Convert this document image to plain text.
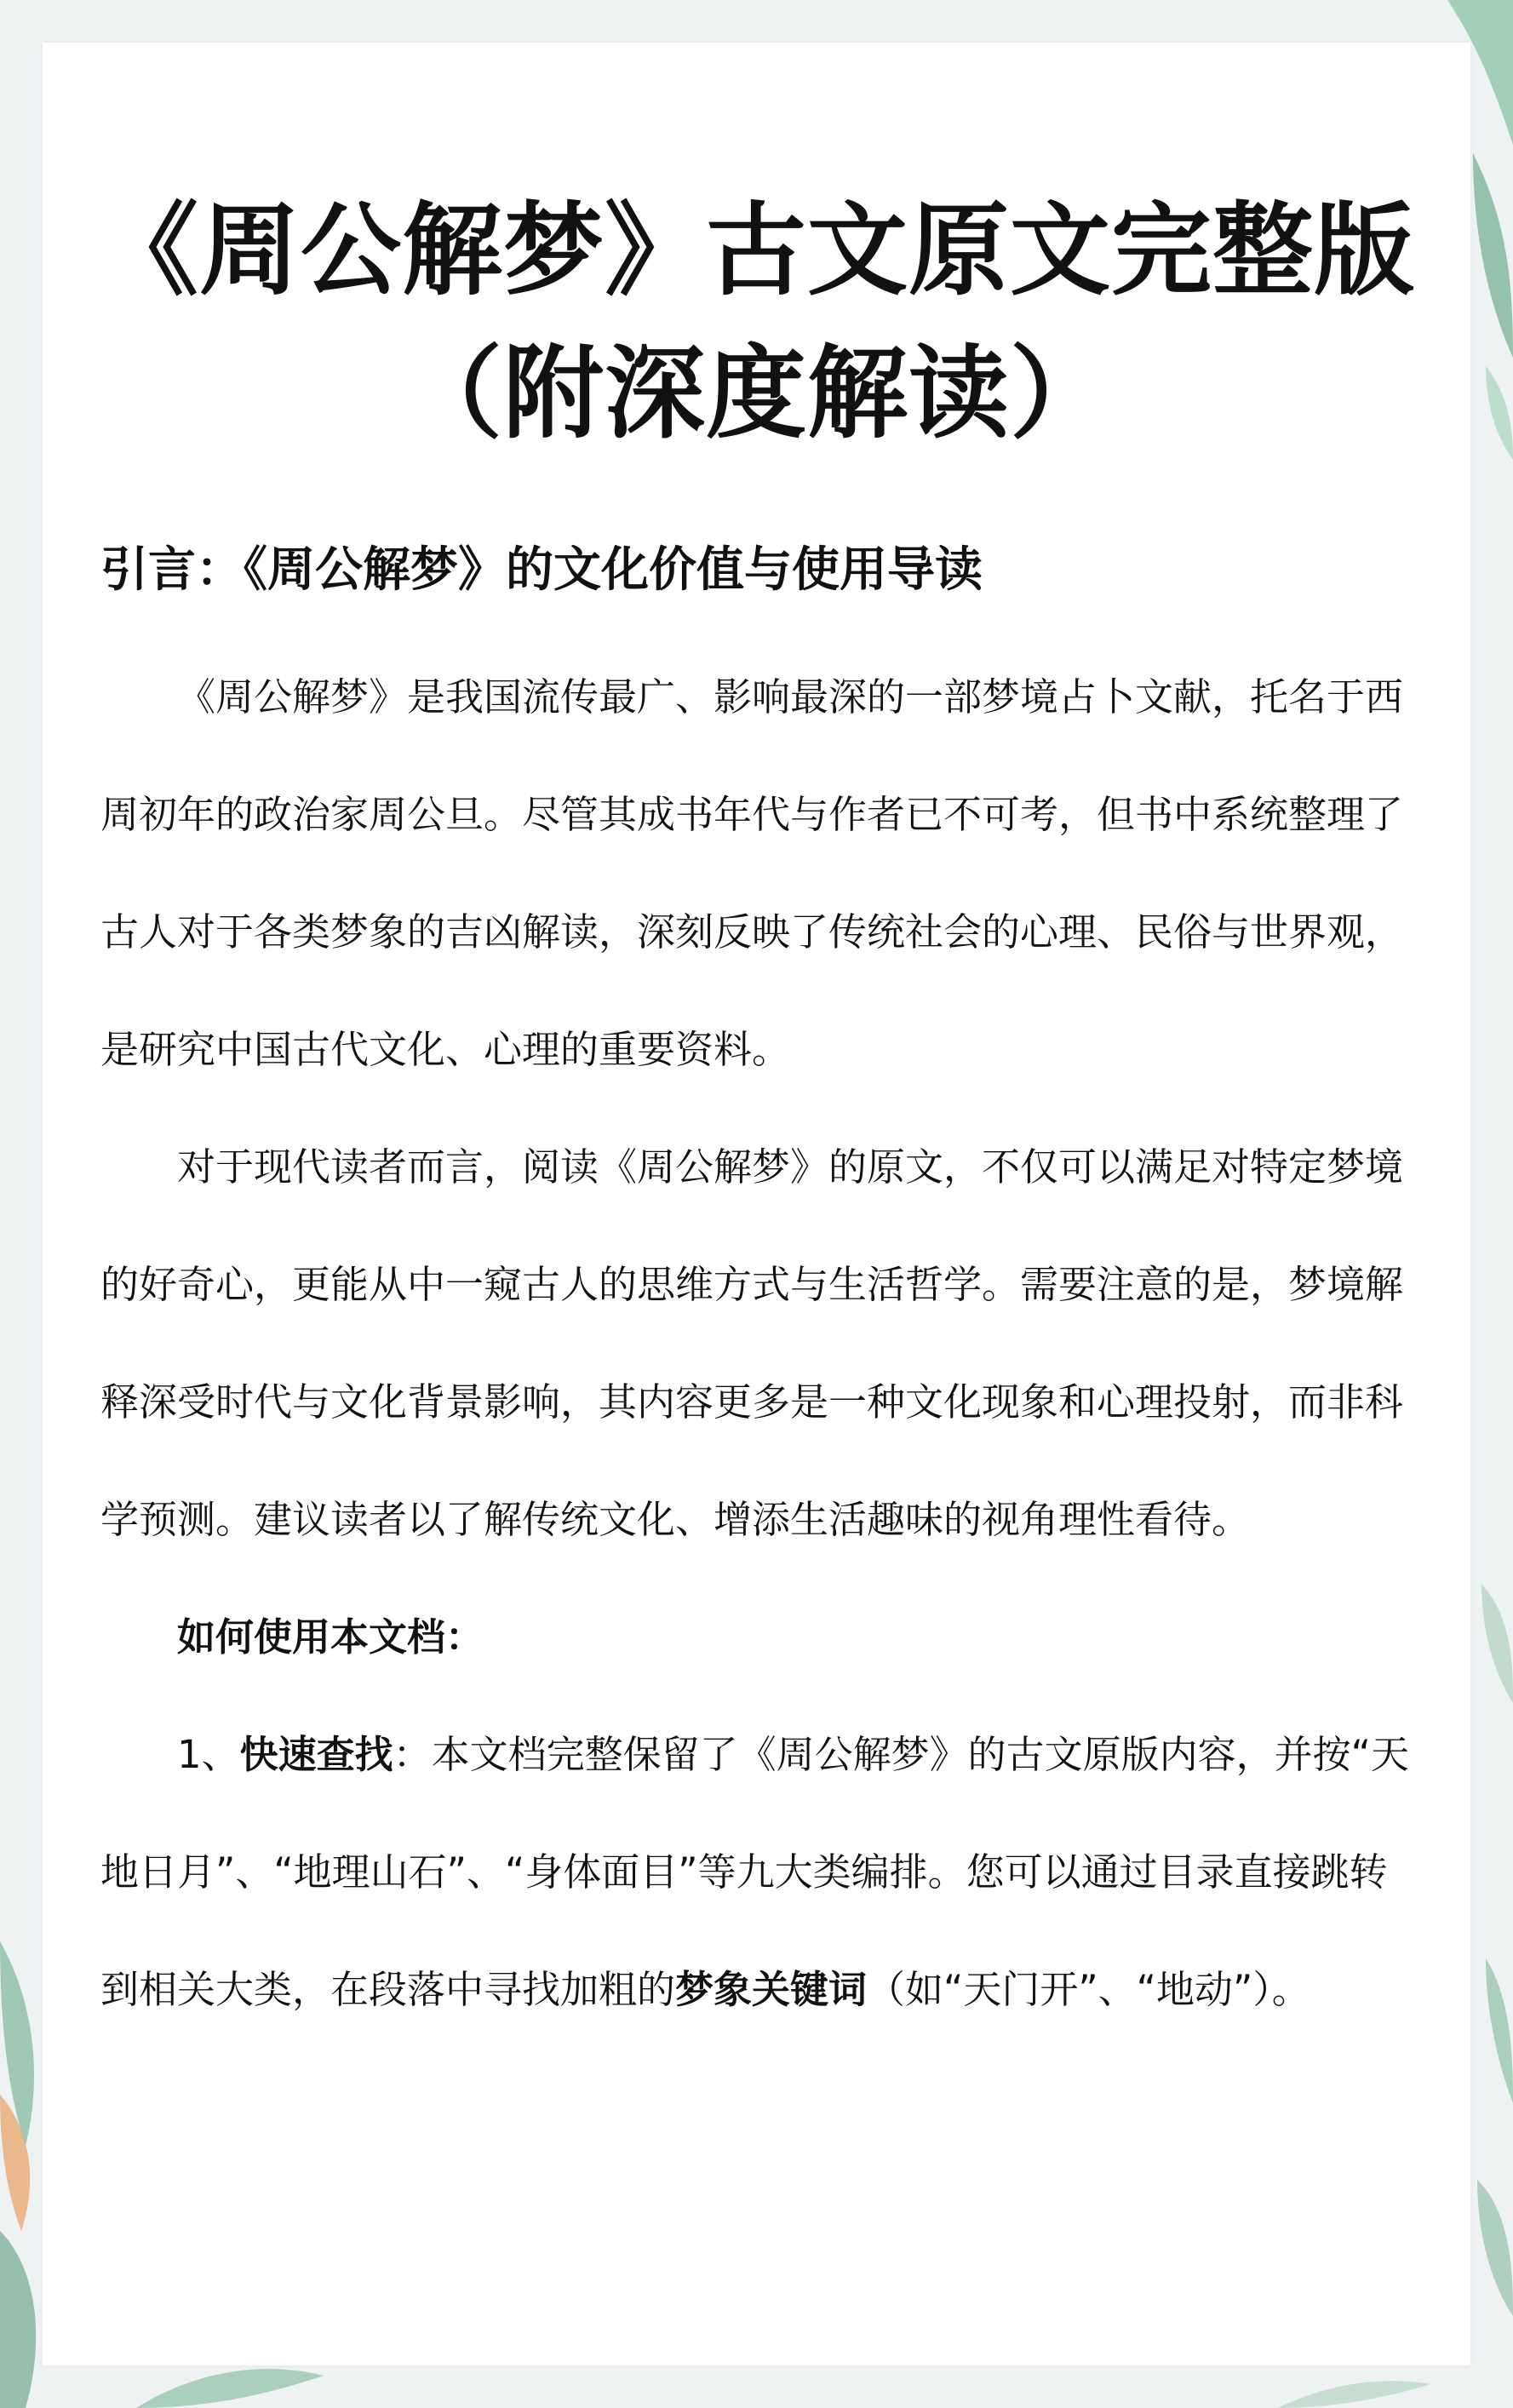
《周公解梦》古文原文完整版
（附深度解读）
引言：《周公解梦》的文化价值与使用导读

《周公解梦》是我国流传最广、影响最深的一部梦境占卜文献，托名于西周初年的政治家周公旦。尽管其成书年代与作者已不可考，但书中系统整理了古人对于各类梦象的吉凶解读，深刻反映了传统社会的心理、民俗与世界观，是研究中国古代文化、心理的重要资料。

对于现代读者而言，阅读《周公解梦》的原文，不仅可以满足对特定梦境的好奇心，更能从中一窥古人的思维方式与生活哲学。需要注意的是，梦境解释深受时代与文化背景影响，其内容更多是一种文化现象和心理投射，而非科学预测。建议读者以了解传统文化、增添生活趣味的视角理性看待。

如何使用本文档：

1、快速查找：本文档完整保留了《周公解梦》的古文原版内容，并按“天地日月”、“地理山石”、“身体面目”等九大类编排。您可以通过目录直接跳转到相关大类，在段落中寻找加粗的梦象关键词（如“天门开”、“地动”）。
